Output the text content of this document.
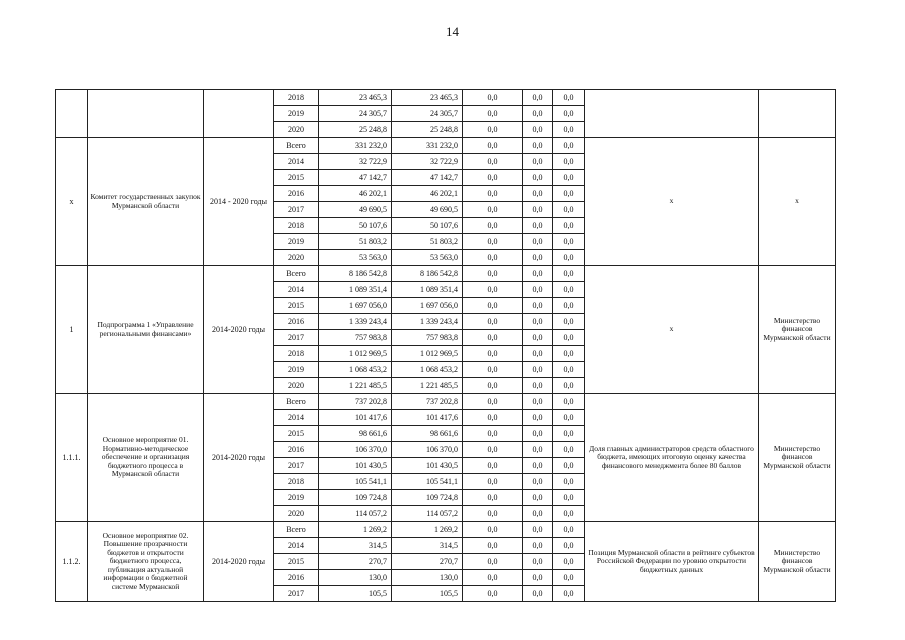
14
			2018	23 465,3	23 465,3	0,0	0,0	0,0		
			2019	24 305,7	24 305,7	0,0	0,0	0,0		
			2020	25 248,8	25 248,8	0,0	0,0	0,0		
x	Комитет государственных закупок Мурманской области	2014 - 2020 годы	Всего	331 232,0	331 232,0	0,0	0,0	0,0	x	x
			2014	32 722,9	32 722,9	0,0	0,0	0,0		
			2015	47 142,7	47 142,7	0,0	0,0	0,0		
			2016	46 202,1	46 202,1	0,0	0,0	0,0		
			2017	49 690,5	49 690,5	0,0	0,0	0,0		
			2018	50 107,6	50 107,6	0,0	0,0	0,0		
			2019	51 803,2	51 803,2	0,0	0,0	0,0		
			2020	53 563,0	53 563,0	0,0	0,0	0,0		
1	Подпрограмма 1 «Управление региональными финансами»	2014-2020 годы	Всего	8 186 542,8	8 186 542,8	0,0	0,0	0,0	x	Министерство финансов Мурманской области
			2014	1 089 351,4	1 089 351,4	0,0	0,0	0,0		
			2015	1 697 056,0	1 697 056,0	0,0	0,0	0,0		
			2016	1 339 243,4	1 339 243,4	0,0	0,0	0,0		
			2017	757 983,8	757 983,8	0,0	0,0	0,0		
			2018	1 012 969,5	1 012 969,5	0,0	0,0	0,0		
			2019	1 068 453,2	1 068 453,2	0,0	0,0	0,0		
			2020	1 221 485,5	1 221 485,5	0,0	0,0	0,0		
1.1.1.	Основное мероприятие 01. Нормативно-методическое обеспечение и организация бюджетного процесса в Мурманской области	2014-2020 годы	Всего	737 202,8	737 202,8	0,0	0,0	0,0	Доля главных администраторов средств областного бюджета, имеющих итоговую оценку качества финансового менеджмента более 80 баллов	Министерство финансов Мурманской области
			2014	101 417,6	101 417,6	0,0	0,0	0,0		
			2015	98 661,6	98 661,6	0,0	0,0	0,0		
			2016	106 370,0	106 370,0	0,0	0,0	0,0		
			2017	101 430,5	101 430,5	0,0	0,0	0,0		
			2018	105 541,1	105 541,1	0,0	0,0	0,0		
			2019	109 724,8	109 724,8	0,0	0,0	0,0		
			2020	114 057,2	114 057,2	0,0	0,0	0,0		
1.1.2.	Основное мероприятие 02. Повышение прозрачности бюджетов и открытости бюджетного процесса, публикация актуальной информации о бюджетной системе Мурманской	2014-2020 годы	Всего	1 269,2	1 269,2	0,0	0,0	0,0	Позиция Мурманской области в рейтинге субъектов Российской Федерации по уровню открытости бюджетных данных	Министерство финансов Мурманской области
			2014	314,5	314,5	0,0	0,0	0,0		
			2015	270,7	270,7	0,0	0,0	0,0		
			2016	130,0	130,0	0,0	0,0	0,0		
			2017	105,5	105,5	0,0	0,0	0,0		
